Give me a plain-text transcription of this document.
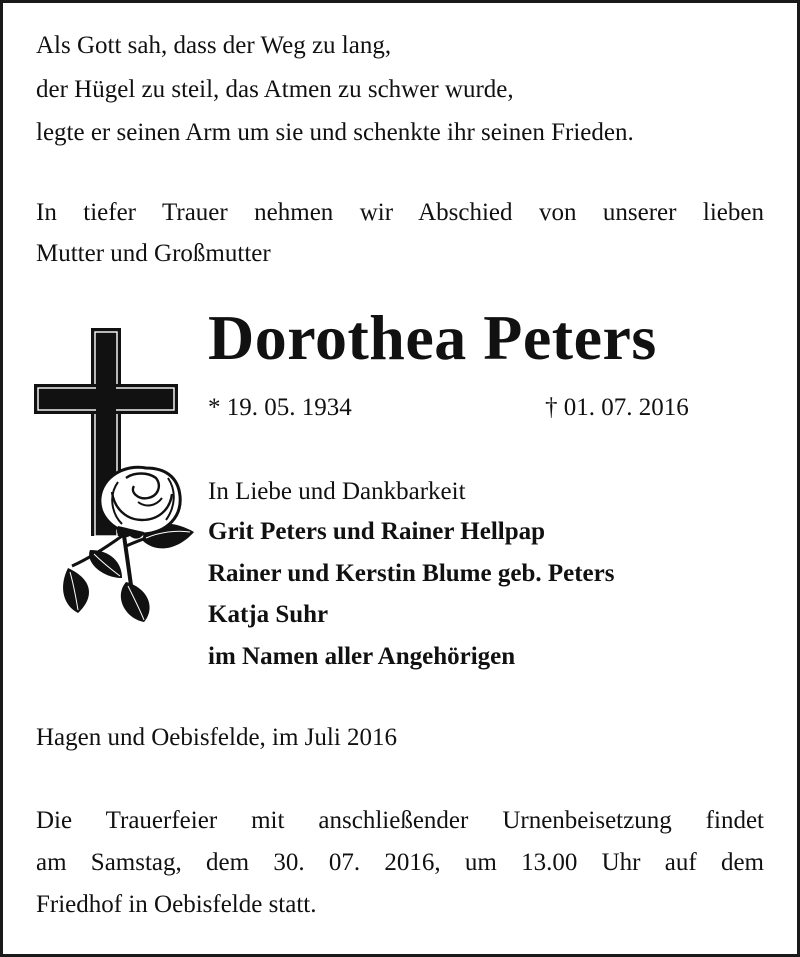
Als Gott sah, dass der Weg zu lang,
der Hügel zu steil, das Atmen zu schwer wurde,
legte er seinen Arm um sie und schenkte ihr seinen Frieden.
In tiefer Trauer nehmen wir Abschied von unserer lieben
Mutter und Großmutter
Dorothea Peters
* 19. 05. 1934	† 01. 07. 2016
In Liebe und Dankbarkeit
Grit Peters und Rainer Hellpap
Rainer und Kerstin Blume geb. Peters
Katja Suhr
im Namen aller Angehörigen
Hagen und Oebisfelde, im Juli 2016
Die Trauerfeier mit anschließender Urnenbeisetzung findet
am Samstag, dem 30. 07. 2016, um 13.00 Uhr auf dem
Friedhof in Oebisfelde statt.
